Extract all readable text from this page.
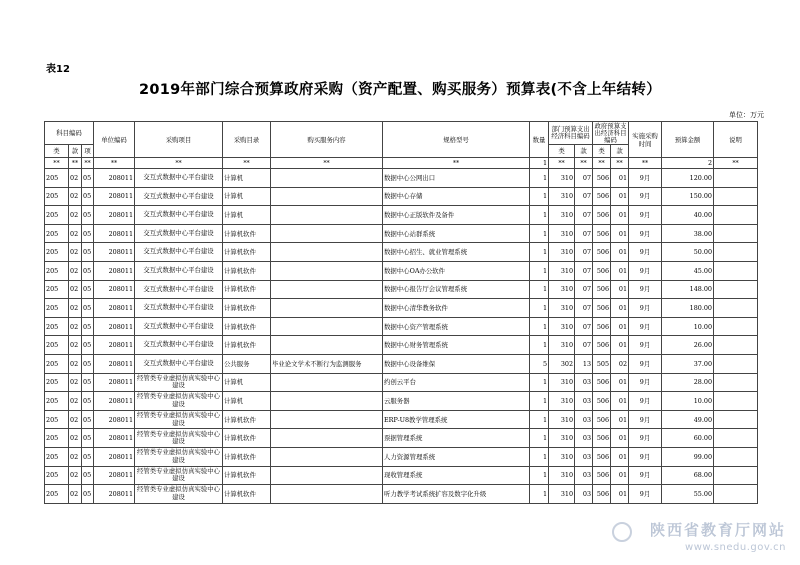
表12
2019年部门综合预算政府采购（资产配置、购买服务）预算表(不含上年结转）
单位：万元
科目编码			单位编码	采购项目	采购目录	购买服务内容	规格型号	数量	部门预算支出经济科目编码		政府预算支出经济科目编码		实施采购时间	预算金额	说明
类	款	项							类	款	类	款			
**	**	**	**	**	**	**	**	1	**	**	**	**	**	2	**
205	02	05	208011	交互式数据中心平台建设	计算机		数据中心公网出口	1	310	07	506	01	9月	120.00	
205	02	05	208011	交互式数据中心平台建设	计算机		数据中心存储	1	310	07	506	01	9月	150.00	
205	02	05	208011	交互式数据中心平台建设	计算机		数据中心正版软件及备件	1	310	07	506	01	9月	40.00	
205	02	05	208011	交互式数据中心平台建设	计算机软件		数据中心站群系统	1	310	07	506	01	9月	38.00	
205	02	05	208011	交互式数据中心平台建设	计算机软件		数据中心招生、就业管理系统	1	310	07	506	01	9月	50.00	
205	02	05	208011	交互式数据中心平台建设	计算机软件		数据中心OA办公软件	1	310	07	506	01	9月	45.00	
205	02	05	208011	交互式数据中心平台建设	计算机软件		数据中心报告厅会议管理系统	1	310	07	506	01	9月	148.00	
205	02	05	208011	交互式数据中心平台建设	计算机软件		数据中心清华教务软件	1	310	07	506	01	9月	180.00	
205	02	05	208011	交互式数据中心平台建设	计算机软件		数据中心资产管理系统	1	310	07	506	01	9月	10.00	
205	02	05	208011	交互式数据中心平台建设	计算机软件		数据中心财务管理系统	1	310	07	506	01	9月	26.00	
205	02	05	208011	交互式数据中心平台建设	公共服务	毕业论文学术不断行为监测服务	数据中心设备维保	5	302	13	505	02	9月	37.00	
205	02	05	208011	经管类专业虚拟仿真实验中心建设	计算机		约创云平台	1	310	03	506	01	9月	28.00	
205	02	05	208011	经管类专业虚拟仿真实验中心建设	计算机		云服务器	1	310	03	506	01	9月	10.00	
205	02	05	208011	经管类专业虚拟仿真实验中心建设	计算机软件		ERP-U8教学管理系统	1	310	03	506	01	9月	49.00	
205	02	05	208011	经管类专业虚拟仿真实验中心建设	计算机软件		票据管理系统	1	310	03	506	01	9月	60.00	
205	02	05	208011	经管类专业虚拟仿真实验中心建设	计算机软件		人力资源管理系统	1	310	03	506	01	9月	99.00	
205	02	05	208011	经管类专业虚拟仿真实验中心建设	计算机软件		现收管理系统	1	310	03	506	01	9月	68.00	
205	02	05	208011	经管类专业虚拟仿真实验中心建设	计算机软件		听力教学考试系统扩容及数字化升级	1	310	03	506	01	9月	55.00	
陕西省教育厅网站
www.snedu.gov.cn
